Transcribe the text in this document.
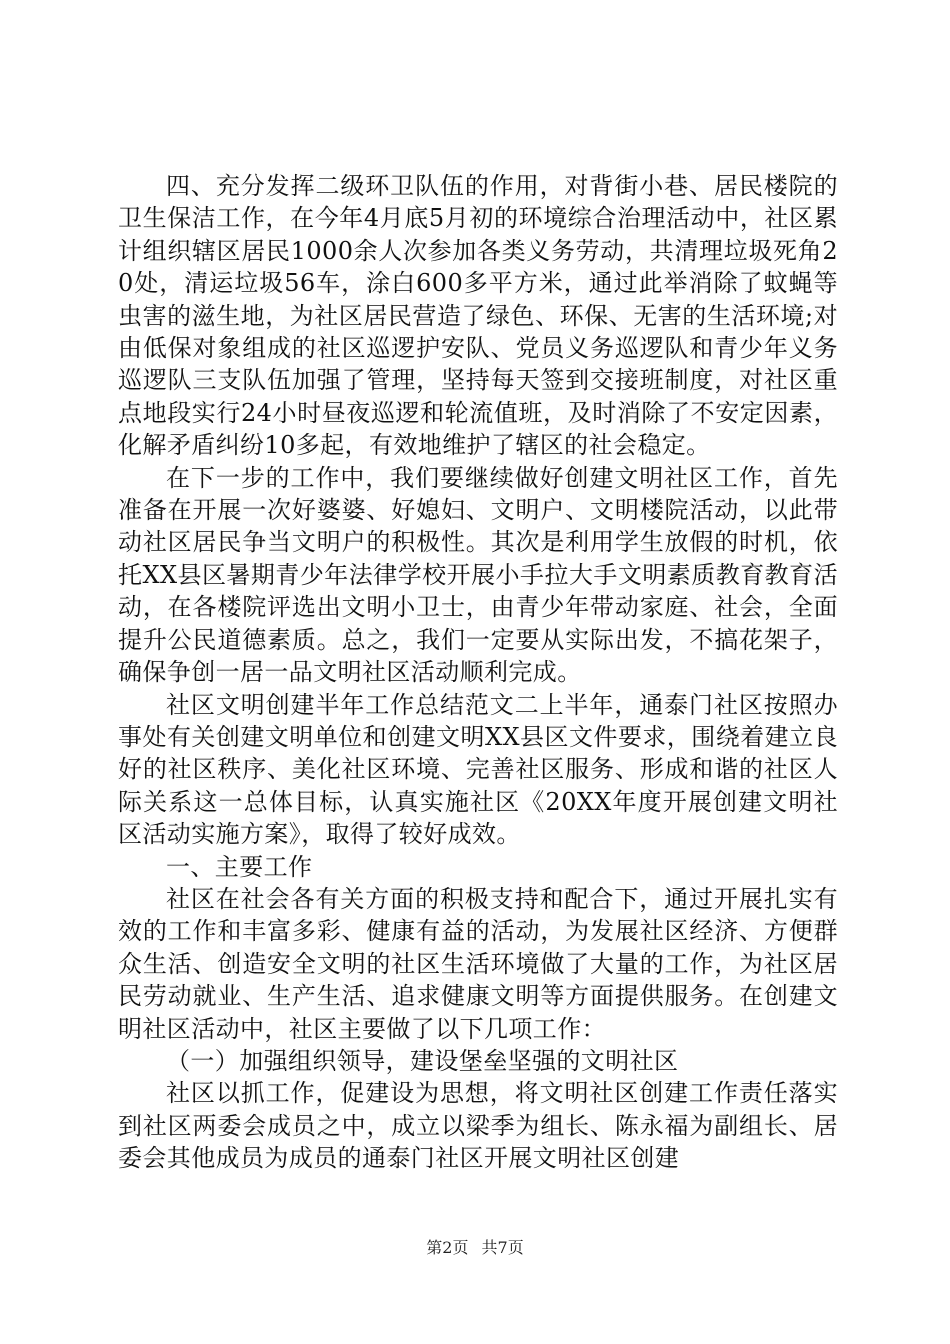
四、充分发挥二级环卫队伍的作用，对背街小巷、居民楼院的卫生保洁工作，在今年4月底5月初的环境综合治理活动中，社区累计组织辖区居民1000余人次参加各类义务劳动，共清理垃圾死角20处，清运垃圾56车，涂白600多平方米，通过此举消除了蚊蝇等虫害的滋生地，为社区居民营造了绿色、环保、无害的生活环境;对由低保对象组成的社区巡逻护安队、党员义务巡逻队和青少年义务巡逻队三支队伍加强了管理，坚持每天签到交接班制度，对社区重点地段实行24小时昼夜巡逻和轮流值班，及时消除了不安定因素，化解矛盾纠纷10多起，有效地维护了辖区的社会稳定。

在下一步的工作中，我们要继续做好创建文明社区工作，首先准备在开展一次好婆婆、好媳妇、文明户、文明楼院活动，以此带动社区居民争当文明户的积极性。其次是利用学生放假的时机，依托XX县区暑期青少年法律学校开展小手拉大手文明素质教育教育活动，在各楼院评选出文明小卫士，由青少年带动家庭、社会，全面提升公民道德素质。总之，我们一定要从实际出发，不搞花架子，确保争创一居一品文明社区活动顺利完成。

社区文明创建半年工作总结范文二上半年，通泰门社区按照办事处有关创建文明单位和创建文明XX县区文件要求，围绕着建立良好的社区秩序、美化社区环境、完善社区服务、形成和谐的社区人际关系这一总体目标，认真实施社区《20XX年度开展创建文明社区活动实施方案》，取得了较好成效。

一、主要工作

社区在社会各有关方面的积极支持和配合下，通过开展扎实有效的工作和丰富多彩、健康有益的活动，为发展社区经济、方便群众生活、创造安全文明的社区生活环境做了大量的工作，为社区居民劳动就业、生产生活、追求健康文明等方面提供服务。在创建文明社区活动中，社区主要做了以下几项工作：

（一）加强组织领导，建设堡垒坚强的文明社区

社区以抓工作，促建设为思想，将文明社区创建工作责任落实到社区两委会成员之中，成立以梁季为组长、陈永福为副组长、居委会其他成员为成员的通泰门社区开展文明社区创建

第2页 共7页
